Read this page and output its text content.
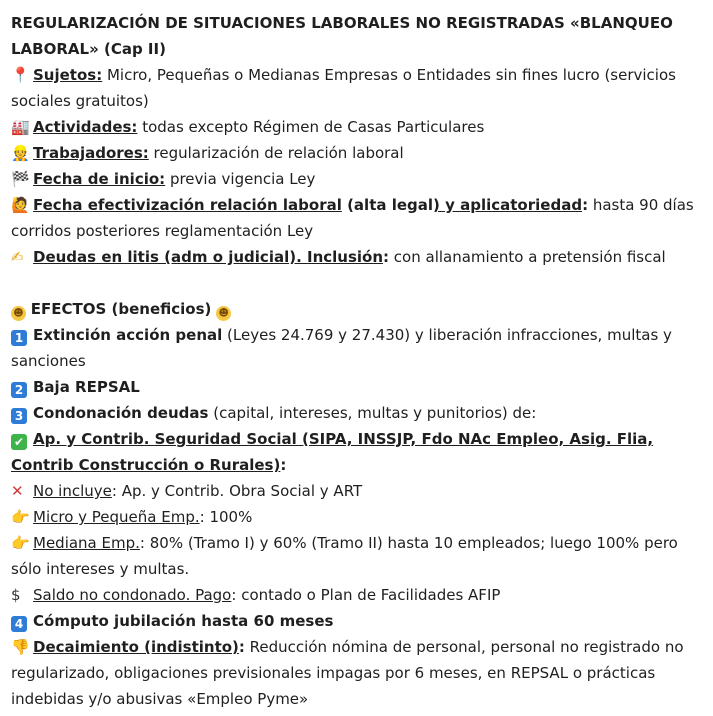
REGULARIZACIÓN DE SITUACIONES LABORALES NO REGISTRADAS «BLANQUEO LABORAL» (Cap II)

📍 Sujetos: Micro, Pequeñas o Medianas Empresas o Entidades sin fines lucro (servicios sociales gratuitos)

🏭 Actividades: todas excepto Régimen de Casas Particulares

👷 Trabajadores: regularización de relación laboral

🏁 Fecha de inicio: previa vigencia Ley

🙋 Fecha efectivización relación laboral (alta legal) y aplicatoriedad: hasta 90 días corridos posteriores reglamentación Ley

✍ Deudas en litis (adm o judicial). Inclusión: con allanamiento a pretensión fiscal

☻ EFECTOS (beneficios) ☻

1 Extinción acción penal (Leyes 24.769 y 27.430) y liberación infracciones, multas y sanciones

2 Baja REPSAL

3 Condonación deudas (capital, intereses, multas y punitorios) de:

✔ Ap. y Contrib. Seguridad Social (SIPA, INSSJP, Fdo NAc Empleo, Asig. Flia, Contrib Construcción o Rurales):

✕ No incluye: Ap. y Contrib. Obra Social y ART

👉 Micro y Pequeña Emp.: 100%

👉 Mediana Emp.: 80% (Tramo I) y 60% (Tramo II) hasta 10 empleados; luego 100% pero sólo intereses y multas.

$ Saldo no condonado. Pago: contado o Plan de Facilidades AFIP

4 Cómputo jubilación hasta 60 meses

👎 Decaimiento (indistinto): Reducción nómina de personal, personal no registrado no regularizado, obligaciones previsionales impagas por 6 meses, en REPSAL o prácticas indebidas y/o abusivas «Empleo Pyme»
